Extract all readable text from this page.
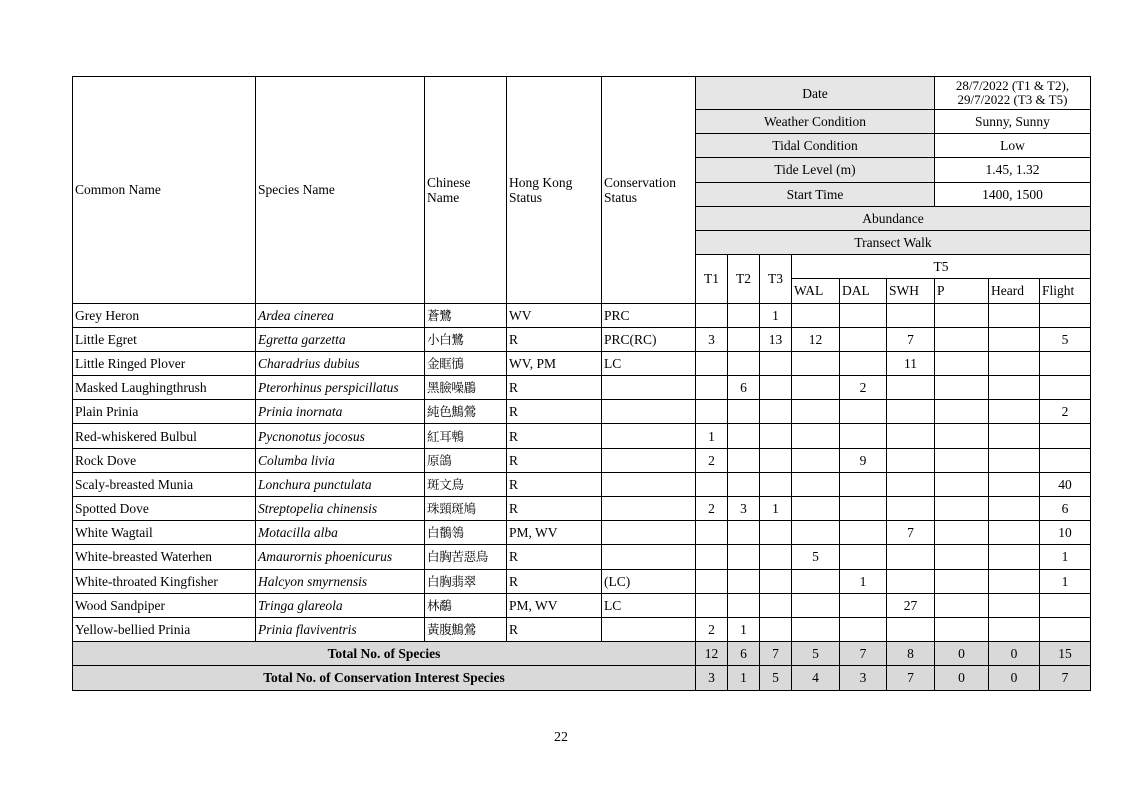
Common Name	Species Name	Chinese Name	Hong Kong Status	Conservation Status	Date						28/7/2022 (T1 & T2), 29/7/2022 (T3 & T5)		
					Weather Condition						Sunny, Sunny		
					Tidal Condition						Low		
					Tide Level (m)						1.45, 1.32		
					Start Time						1400, 1500		
					Abundance								
					Transect Walk								
					T1	T2	T3	T5					
								WAL	DAL	SWH	P	Heard	Flight
Grey Heron	Ardea cinerea	蒼鷺	WV	PRC			1						
Little Egret	Egretta garzetta	小白鷺	R	PRC(RC)	3		13	12		7			5
Little Ringed Plover	Charadrius dubius	金眶鴴	WV, PM	LC						11			
Masked Laughingthrush	Pterorhinus perspicillatus	黑臉噪鶥	R			6			2				
Plain Prinia	Prinia inornata	純色鷦鶯	R										2
Red-whiskered Bulbul	Pycnonotus jocosus	紅耳鵯	R		1								
Rock Dove	Columba livia	原鴿	R		2				9				
Scaly-breasted Munia	Lonchura punctulata	斑文鳥	R										40
Spotted Dove	Streptopelia chinensis	珠頸斑鳩	R		2	3	1						6
White Wagtail	Motacilla alba	白鶺鴒	PM, WV							7			10
White-breasted Waterhen	Amaurornis phoenicurus	白胸苦惡鳥	R					5					1
White-throated Kingfisher	Halcyon smyrnensis	白胸翡翠	R	(LC)					1				1
Wood Sandpiper	Tringa glareola	林鷸	PM, WV	LC						27			
Yellow-bellied Prinia	Prinia flaviventris	黃腹鷦鶯	R		2	1							
Total No. of Species					12	6	7	5	7	8	0	0	15
Total No. of Conservation Interest Species					3	1	5	4	3	7	0	0	7
22
